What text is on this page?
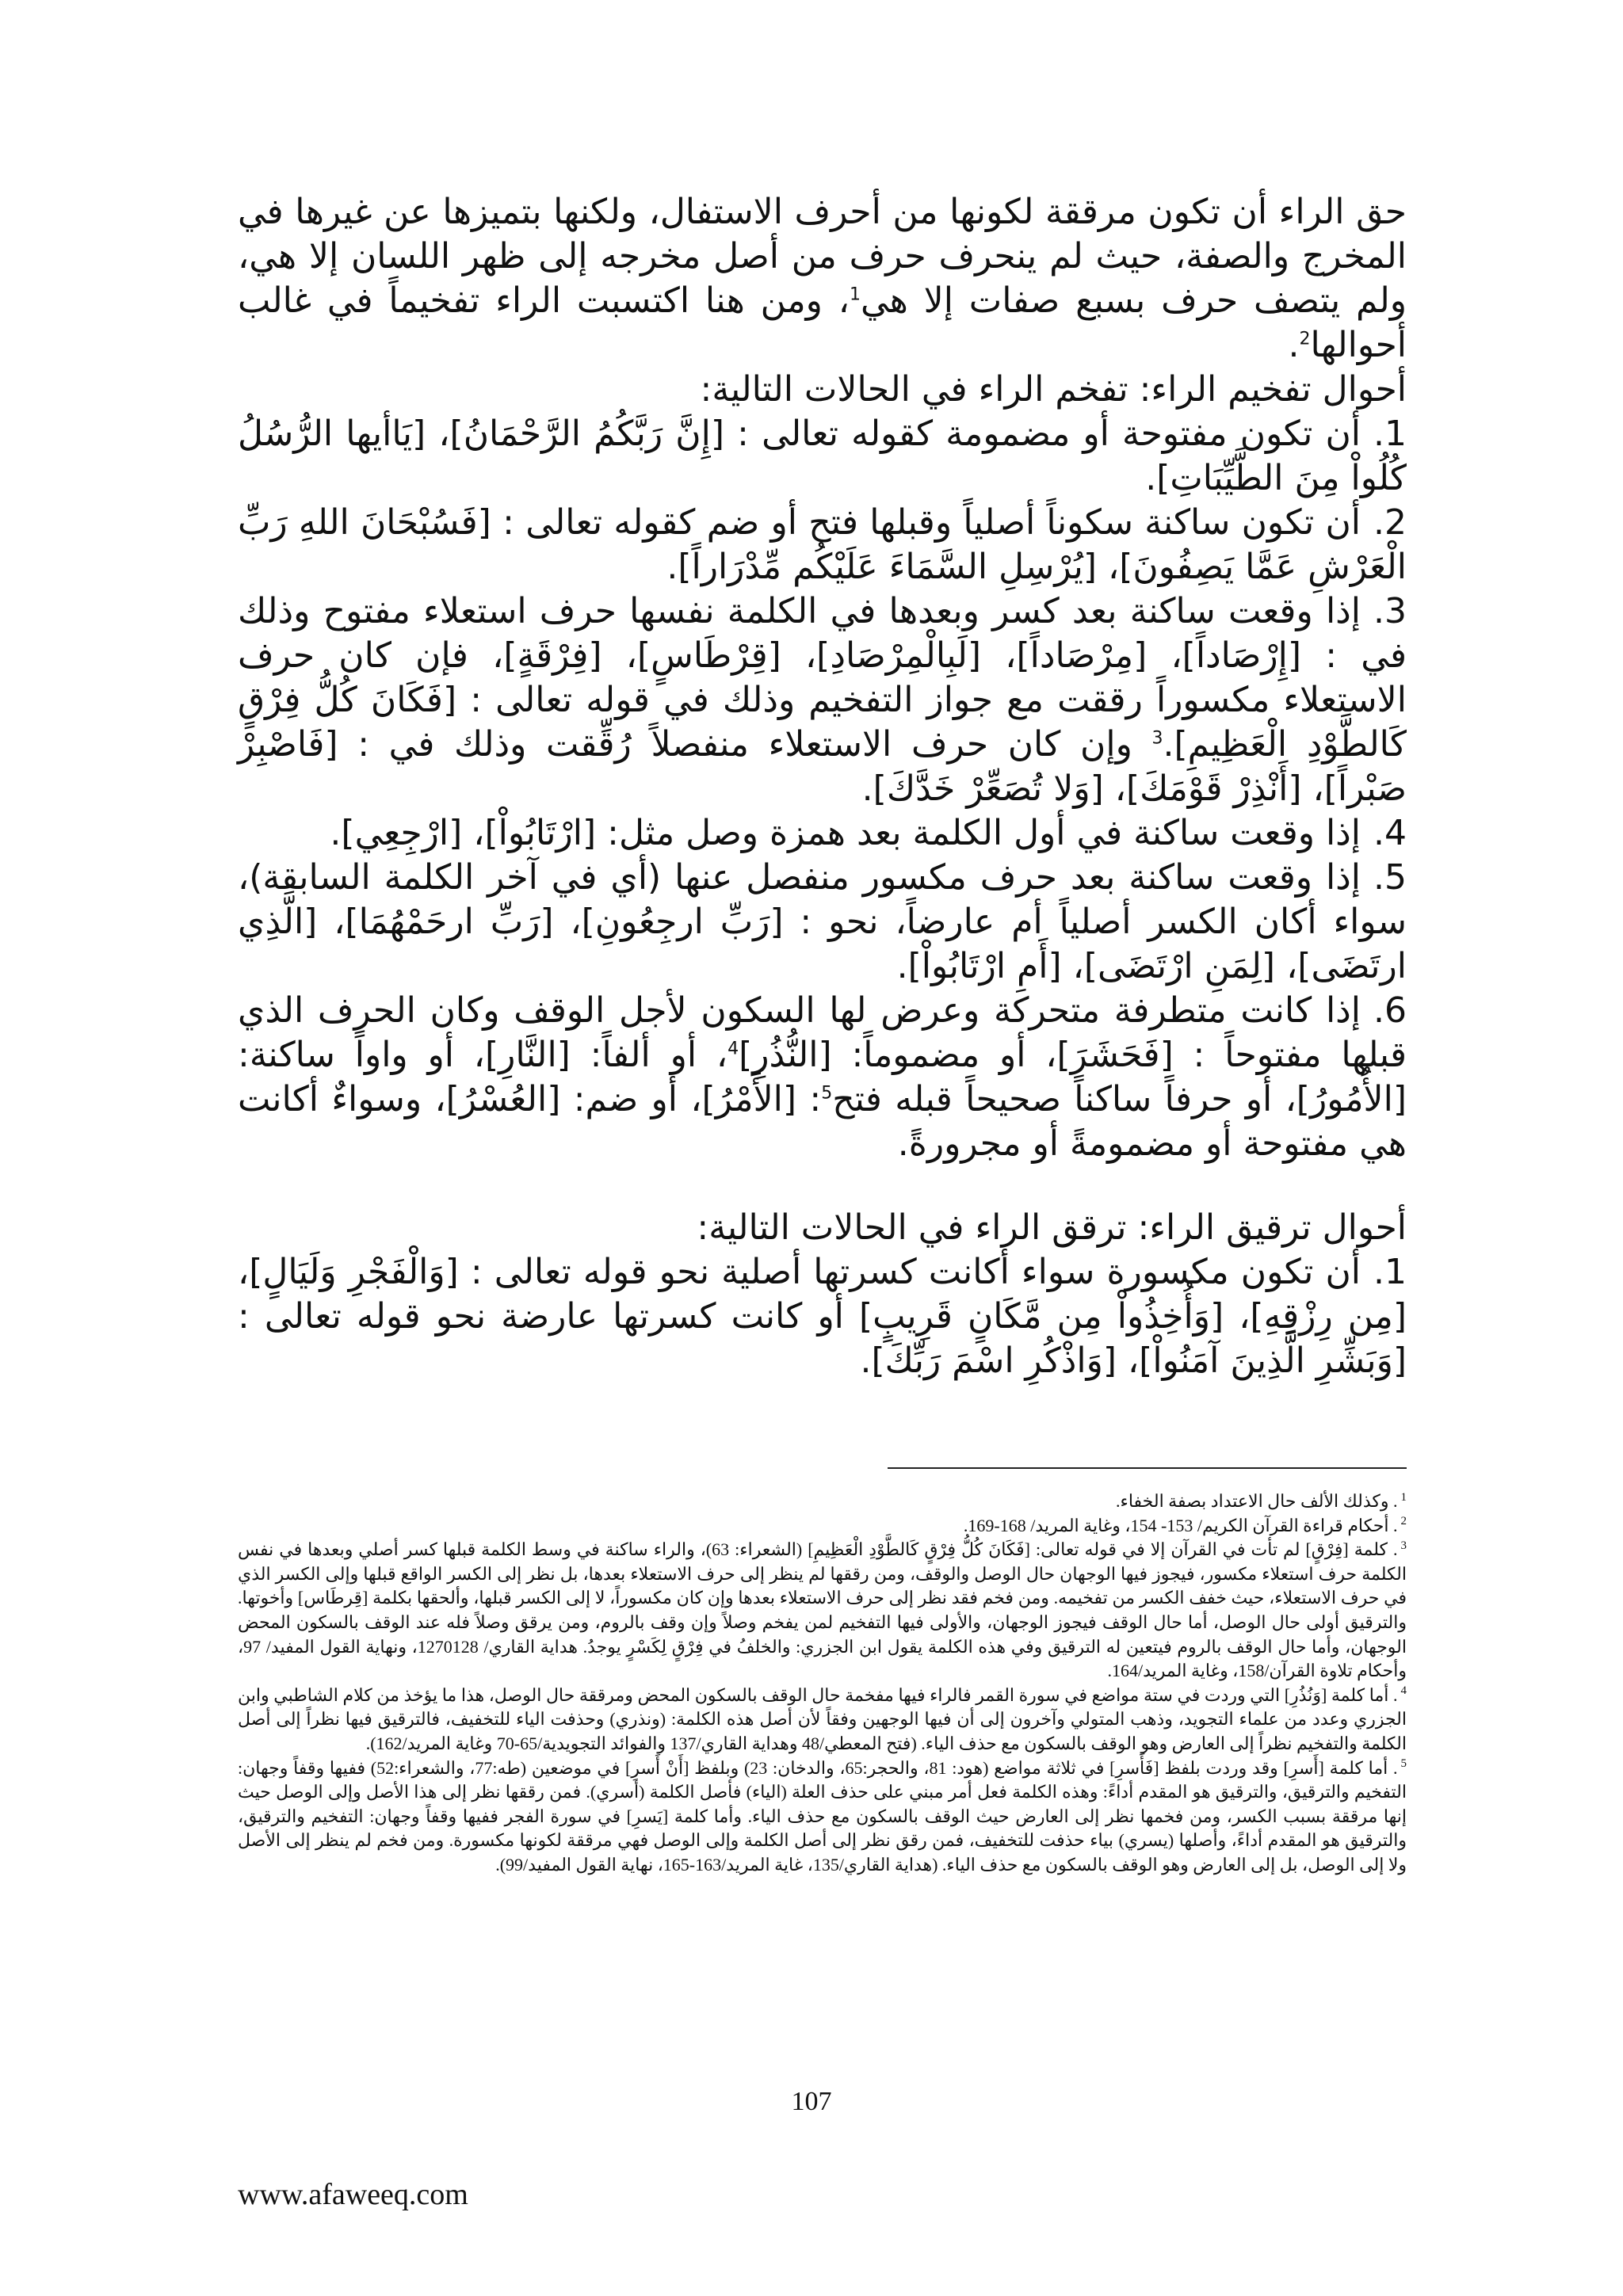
حق الراء أن تكون مرققة لكونها من أحرف الاستفال، ولكنها بتميزها عن غيرها في المخرج والصفة، حيث لم ينحرف حرف من أصل مخرجه إلى ظهر اللسان إلا هي، ولم يتصف حرف بسبع صفات إلا هي$^1$، ومن هنا اكتسبت الراء تفخيماً في غالب أحوالها$^2$.

أحوال تفخيم الراء: تفخم الراء في الحالات التالية:

1.أن تكون مفتوحة أو مضمومة كقوله تعالى : [إِنَّ رَبَّكُمُ الرَّحْمَانُ]، [يَاأيها الرُّسُلُ كُلُواْ مِنَ الطَّيِّبَاتِ].

2.أن تكون ساكنة سكوناً أصلياً وقبلها فتح أو ضم كقوله تعالى : [فَسُبْحَانَ اللهِ رَبِّ الْعَرْشِ عَمَّا يَصِفُونَ]، [يُرْسِلِ السَّمَاءَ عَلَيْكُم مِّدْرَاراً].

3.إذا وقعت ساكنة بعد كسر وبعدها في الكلمة نفسها حرف استعلاء مفتوح وذلك في : [إِرْصَاداً]، [مِرْصَاداً]، [لَبِالْمِرْصَادِ]، [قِرْطَاسٍ]، [فِرْقَةٍ]، فإن كان حرف الاستعلاء مكسوراً رققت مع جواز التفخيم وذلك في قوله تعالى : [فَكَانَ كُلُّ فِرْقٍ كَالطَّوْدِ الْعَظِيمِ].$^3$ وإن كان حرف الاستعلاء منفصلاً رُقِّقت وذلك في : [فَاصْبِرْ صَبْراً]، [أَنْذِرْ قَوْمَكَ]، [وَلا تُصَعِّرْ خَدَّكَ].

4.إذا وقعت ساكنة في أول الكلمة بعد همزة وصل مثل: [ارْتَابُواْ]، [ارْجِعِي].

5.إذا وقعت ساكنة بعد حرف مكسور منفصل عنها (أي في آخر الكلمة السابقة)، سواء أكان الكسر أصلياً أم عارضاً، نحو : [رَبِّ ارجِعُونِ]، [رَبِّ ارحَمْهُمَا]، [الَّذِي ارتَضَى]، [لِمَنِ ارْتَضَى]، [أَمِ ارْتَابُواْ].

6.إذا كانت متطرفة متحركة وعرض لها السكون لأجل الوقف وكان الحرف الذي قبلها مفتوحاً : [فَحَشَرَ]، أو مضموماً: [النُّذُرِ]$^4$، أو ألفاً: [النَّارِ]، أو واواً ساكنة: [الأُمُورُ]، أو حرفاً ساكناً صحيحاً قبله فتح$^5$: [الأَمْرُ]، أو ضم: [العُسْرُ]، وسواءٌ أكانت هي مفتوحة أو مضمومةً أو مجرورةً.

أحوال ترقيق الراء: ترقق الراء في الحالات التالية:

1.أن تكون مكسورة سواء أكانت كسرتها أصلية نحو قوله تعالى : [وَالْفَجْرِ وَلَيَالٍ]، [مِن رِزْقِهِ]، [وَأُخِذُواْ مِن مَّكَانٍ قَرِيبٍ] أو كانت كسرتها عارضة نحو قوله تعالى : [وَبَشِّرِ الَّذِينَ آمَنُواْ]، [وَاذْكُرِ اسْمَ رَبِّكَ].

$^1$. وكذلك الألف حال الاعتداد بصفة الخفاء.

$^2$. أحكام قراءة القرآن الكريم/ 153- 154، وغاية المريد/ 168-169.

$^3$. كلمة [فِرْقٍ] لم تأت في القرآن إلا في قوله تعالى: [فَكَانَ كُلُّ فِرْقٍ كَالطَّوْدِ الْعَظِيمِ] (الشعراء: 63)، والراء ساكنة في وسط الكلمة قبلها كسر أصلي وبعدها في نفس الكلمة حرف استعلاء مكسور، فيجوز فيها الوجهان حال الوصل والوقف، ومن رققها لم ينظر إلى حرف الاستعلاء بعدها، بل نظر إلى الكسر الواقع قبلها وإلى الكسر الذي في حرف الاستعلاء، حيث خفف الكسر من تفخيمه. ومن فخم فقد نظر إلى حرف الاستعلاء بعدها وإن كان مكسوراً، لا إلى الكسر قبلها، وألحقها بكلمة [قِرطَاس] وأخوتها. والترقيق أولى حال الوصل، أما حال الوقف فيجوز الوجهان، والأولى فيها التفخيم لمن يفخم وصلاً وإن وقف بالروم، ومن يرقق وصلاً فله عند الوقف بالسكون المحض الوجهان، وأما حال الوقف بالروم فيتعين له الترقيق وفي هذه الكلمة يقول ابن الجزري: والخلفُ في فِرْقٍ لِكَسْرٍ يوجدُ. هداية القاري/ 1270128، ونهاية القول المفيد/ 97، وأحكام تلاوة القرآن/158، وغاية المريد/164.

$^4$. أما كلمة [وَنُذُرِ] التي وردت في ستة مواضع في سورة القمر فالراء فيها مفخمة حال الوقف بالسكون المحض ومرققة حال الوصل، هذا ما يؤخذ من كلام الشاطبي وابن الجزري وعدد من علماء التجويد، وذهب المتولي وآخرون إلى أن فيها الوجهين وفقاً لأن أصل هذه الكلمة: (ونذري) وحذفت الياء للتخفيف، فالترقيق فيها نظراً إلى أصل الكلمة والتفخيم نظراً إلى العارض وهو الوقف بالسكون مع حذف الياء. (فتح المعطي/48 وهداية القاري/137 والفوائد التجويدية/65-70 وغاية المريد/162).

$^5$. أما كلمة [أَسرِ] وقد وردت بلفظ [فَأَسرِ] في ثلاثة مواضع (هود: 81، والحجر:65، والدخان: 23) وبلفظ [أَنْ أَسرِ] في موضعين (طه:77، والشعراء:52) ففيها وقفاً وجهان: التفخيم والترقيق، والترقيق هو المقدم أداءً: وهذه الكلمة فعل أمر مبني على حذف العلة (الياء) فأصل الكلمة (أسري). فمن رققها نظر إلى هذا الأصل وإلى الوصل حيث إنها مرققة بسبب الكسر، ومن فخمها نظر إلى العارض حيث الوقف بالسكون مع حذف الياء. وأما كلمة [يَسرِ] في سورة الفجر ففيها وقفاً وجهان: التفخيم والترقيق، والترقيق هو المقدم أداءً، وأصلها (يسري) بياء حذفت للتخفيف، فمن رقق نظر إلى أصل الكلمة وإلى الوصل فهي مرققة لكونها مكسورة. ومن فخم لم ينظر إلى الأصل ولا إلى الوصل، بل إلى العارض وهو الوقف بالسكون مع حذف الياء. (هداية القاري/135، غاية المريد/163-165، نهاية القول المفيد/99).

107
www.afaweeq.com
